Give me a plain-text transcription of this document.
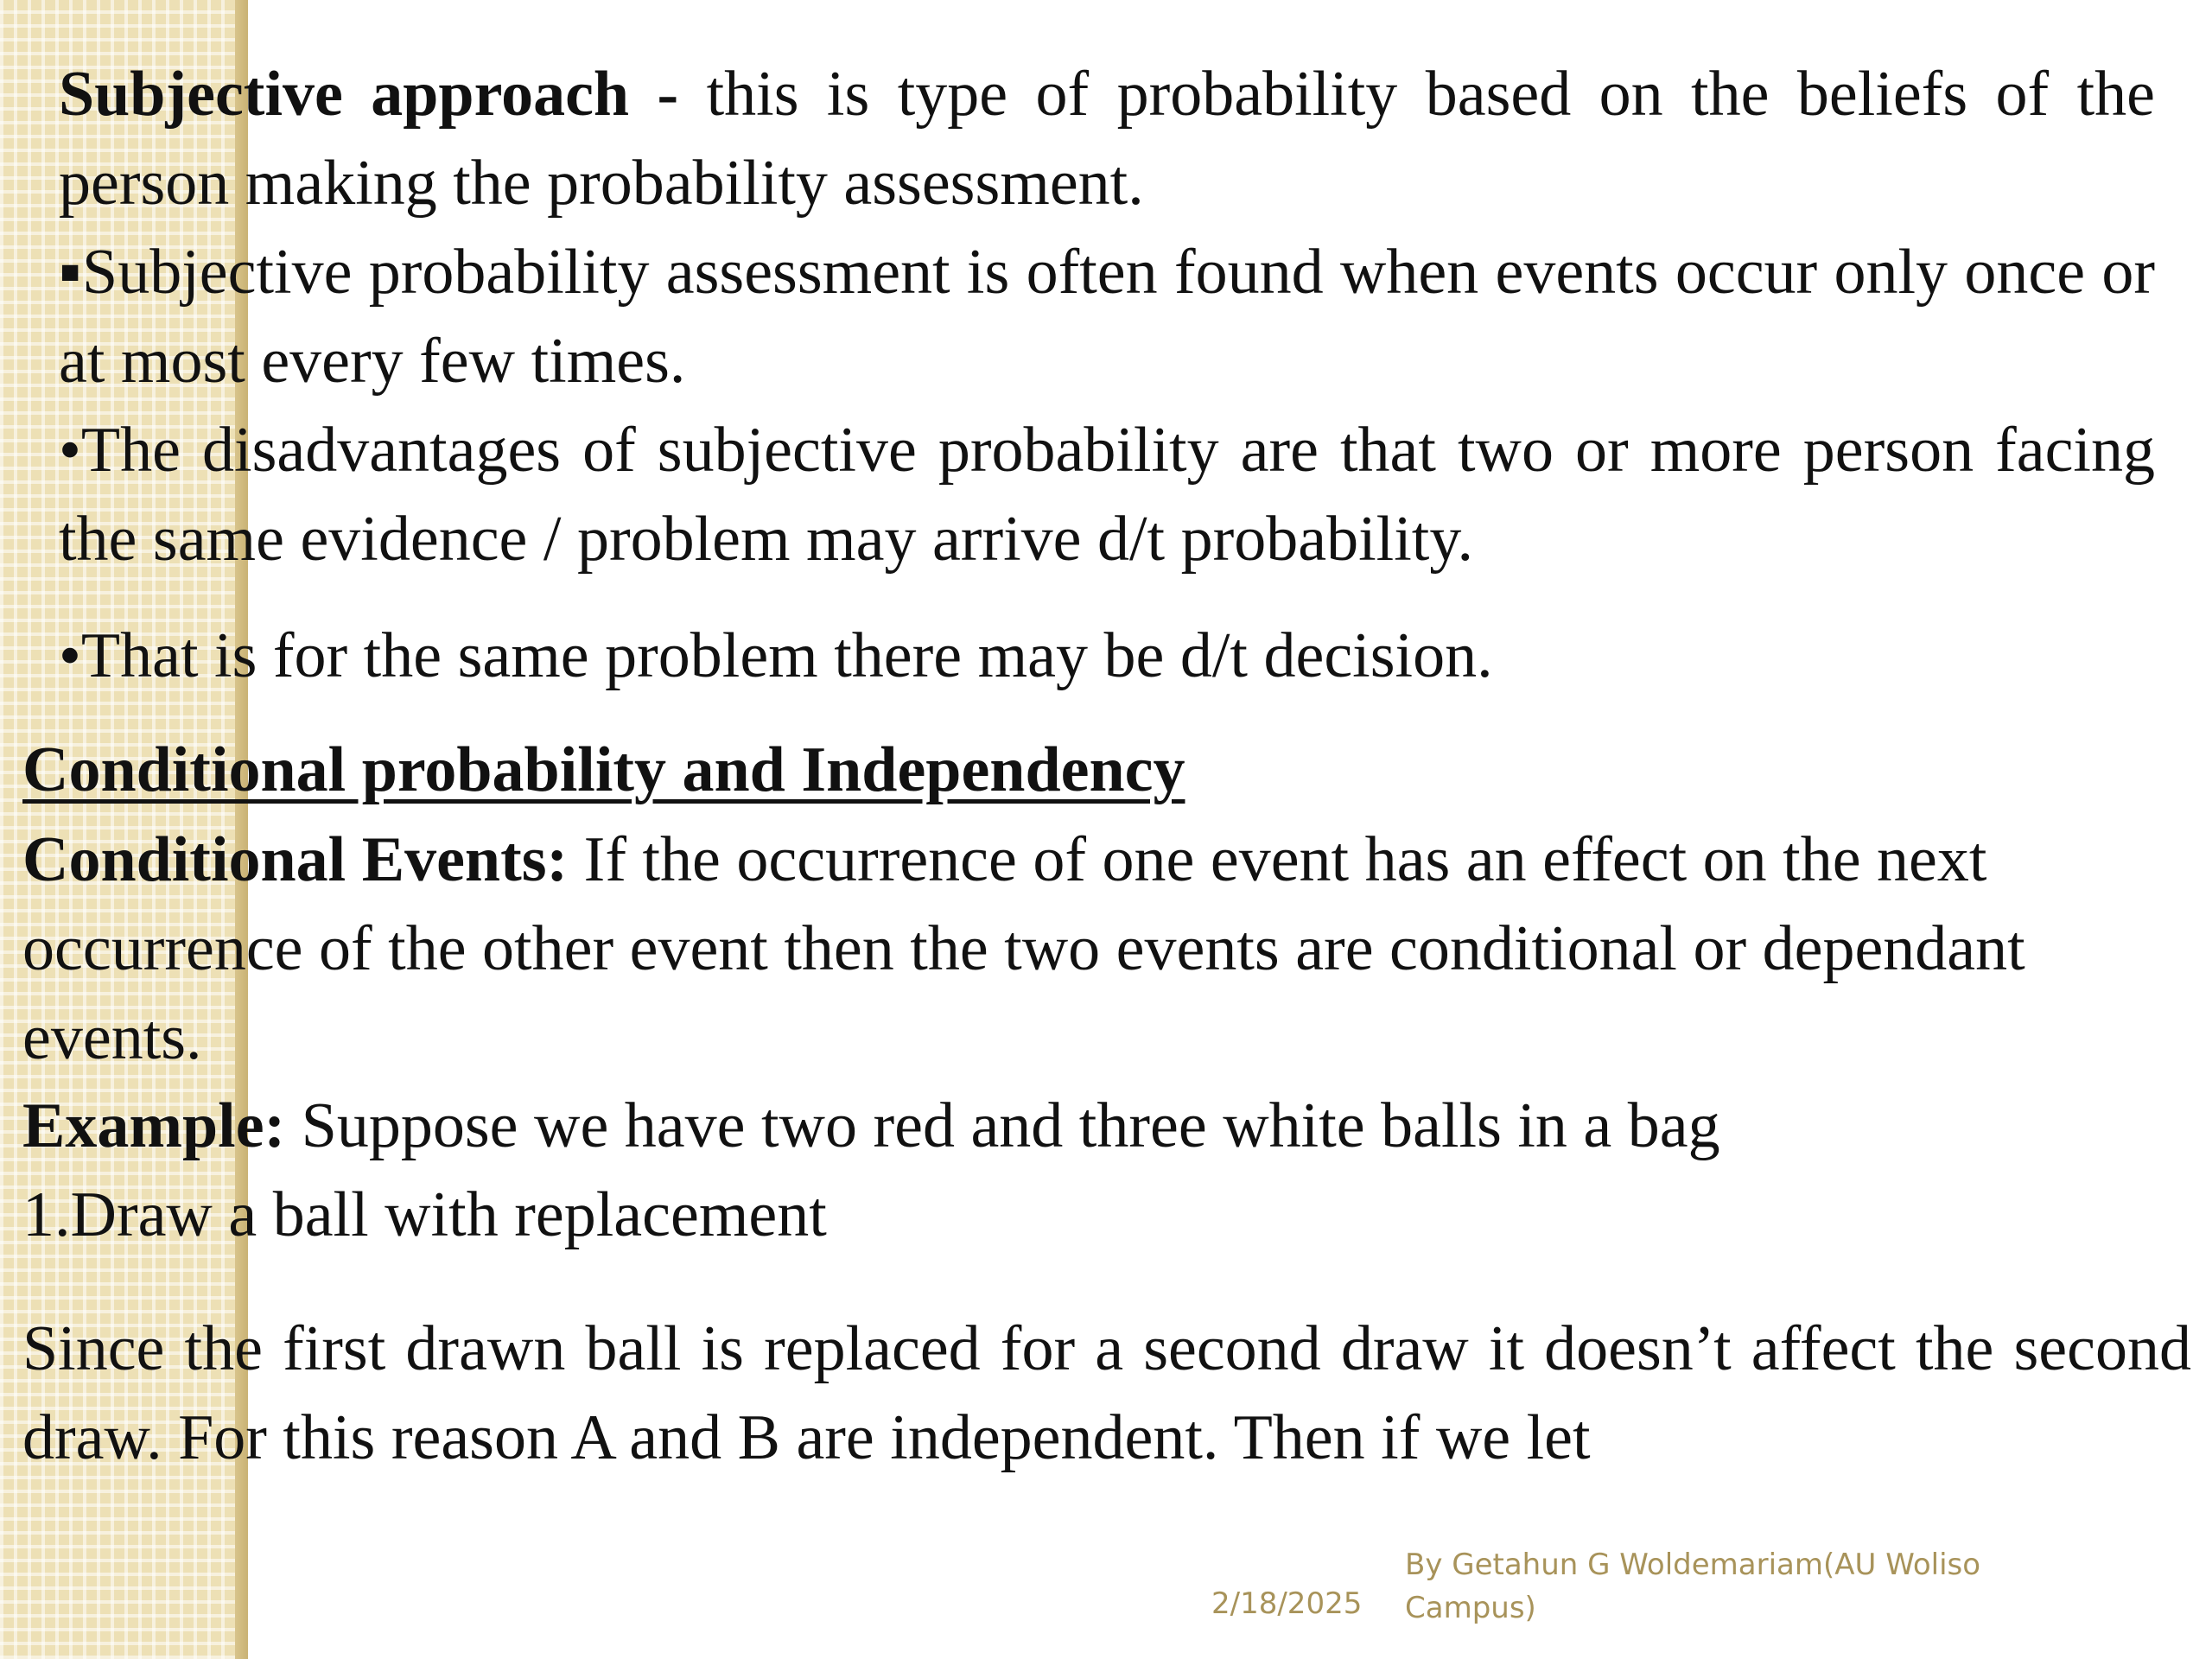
Subjective approach - this is type of probability based on the beliefs of the person making the probability assessment.

▪Subjective probability assessment is often found when events occur only once or at most every few times.

•The disadvantages of subjective probability are that two or more person facing the same evidence / problem may arrive d/t probability.

•That is for the same problem there may be d/t decision.

Conditional probability and Independency

Conditional Events: If the occurrence of one event has an effect on the next occurrence of the other event then the two events are conditional or dependant events.

Example: Suppose we have two red and three white balls in a bag

1.Draw a ball with replacement

Since the first drawn ball is replaced for a second draw it doesn’t affect the second draw. For this reason A and B are independent. Then if we let

2/18/2025
By Getahun G Woldemariam(AU Woliso Campus)
